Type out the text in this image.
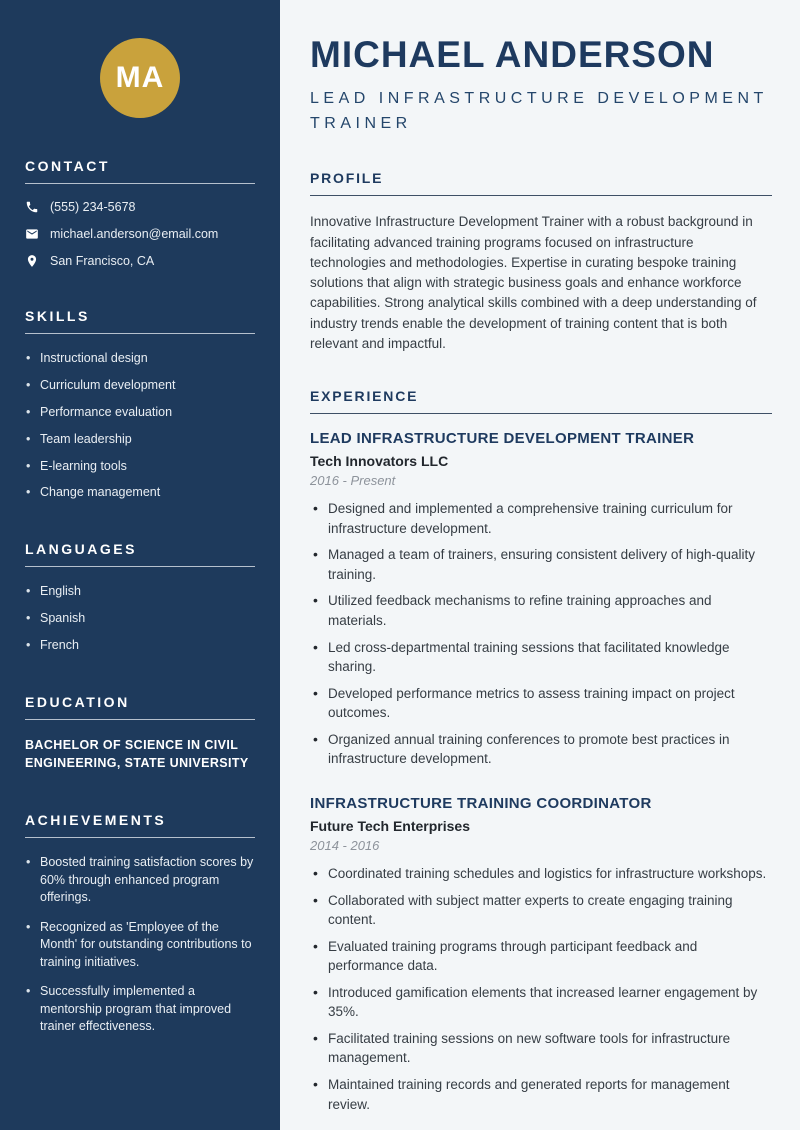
MA
CONTACT
(555) 234-5678
michael.anderson@email.com
San Francisco, CA
SKILLS
• Instructional design
• Curriculum development
• Performance evaluation
• Team leadership
• E-learning tools
• Change management
LANGUAGES
• English
• Spanish
• French
EDUCATION
BACHELOR OF SCIENCE IN CIVIL ENGINEERING, STATE UNIVERSITY
ACHIEVEMENTS
• Boosted training satisfaction scores by 60% through enhanced program offerings.
• Recognized as 'Employee of the Month' for outstanding contributions to training initiatives.
• Successfully implemented a mentorship program that improved trainer effectiveness.
MICHAEL ANDERSON
LEAD INFRASTRUCTURE DEVELOPMENT TRAINER
PROFILE

Innovative Infrastructure Development Trainer with a robust background in facilitating advanced training programs focused on infrastructure technologies and methodologies. Expertise in curating bespoke training solutions that align with strategic business goals and enhance workforce capabilities. Strong analytical skills combined with a deep understanding of industry trends enable the development of training content that is both relevant and impactful.

EXPERIENCE
LEAD INFRASTRUCTURE DEVELOPMENT TRAINER
Tech Innovators LLC
2016 - Present
• Designed and implemented a comprehensive training curriculum for infrastructure development.
• Managed a team of trainers, ensuring consistent delivery of high-quality training.
• Utilized feedback mechanisms to refine training approaches and materials.
• Led cross-departmental training sessions that facilitated knowledge sharing.
• Developed performance metrics to assess training impact on project outcomes.
• Organized annual training conferences to promote best practices in infrastructure development.
INFRASTRUCTURE TRAINING COORDINATOR
Future Tech Enterprises
2014 - 2016
• Coordinated training schedules and logistics for infrastructure workshops.
• Collaborated with subject matter experts to create engaging training content.
• Evaluated training programs through participant feedback and performance data.
• Introduced gamification elements that increased learner engagement by 35%.
• Facilitated training sessions on new software tools for infrastructure management.
• Maintained training records and generated reports for management review.
